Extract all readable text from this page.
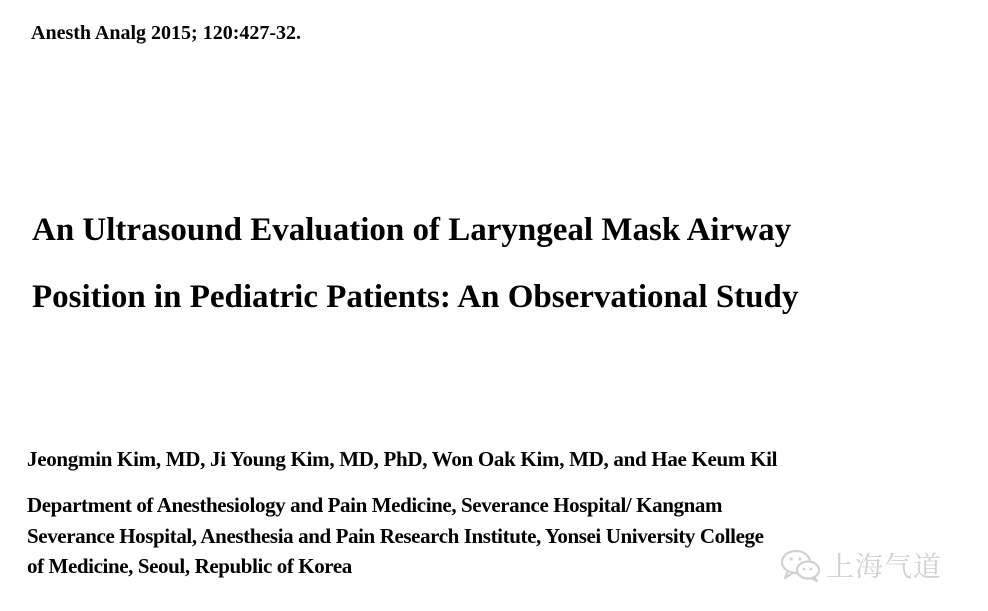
Anesth Analg 2015; 120:427-32.
An Ultrasound Evaluation of Laryngeal Mask Airway
Position in Pediatric Patients: An Observational Study
Jeongmin Kim, MD, Ji Young Kim, MD, PhD, Won Oak Kim, MD, and Hae Keum Kil
Department of Anesthesiology and Pain Medicine, Severance Hospital/ Kangnam
Severance Hospital, Anesthesia and Pain Research Institute, Yonsei University College
of Medicine, Seoul, Republic of Korea	上海气道
